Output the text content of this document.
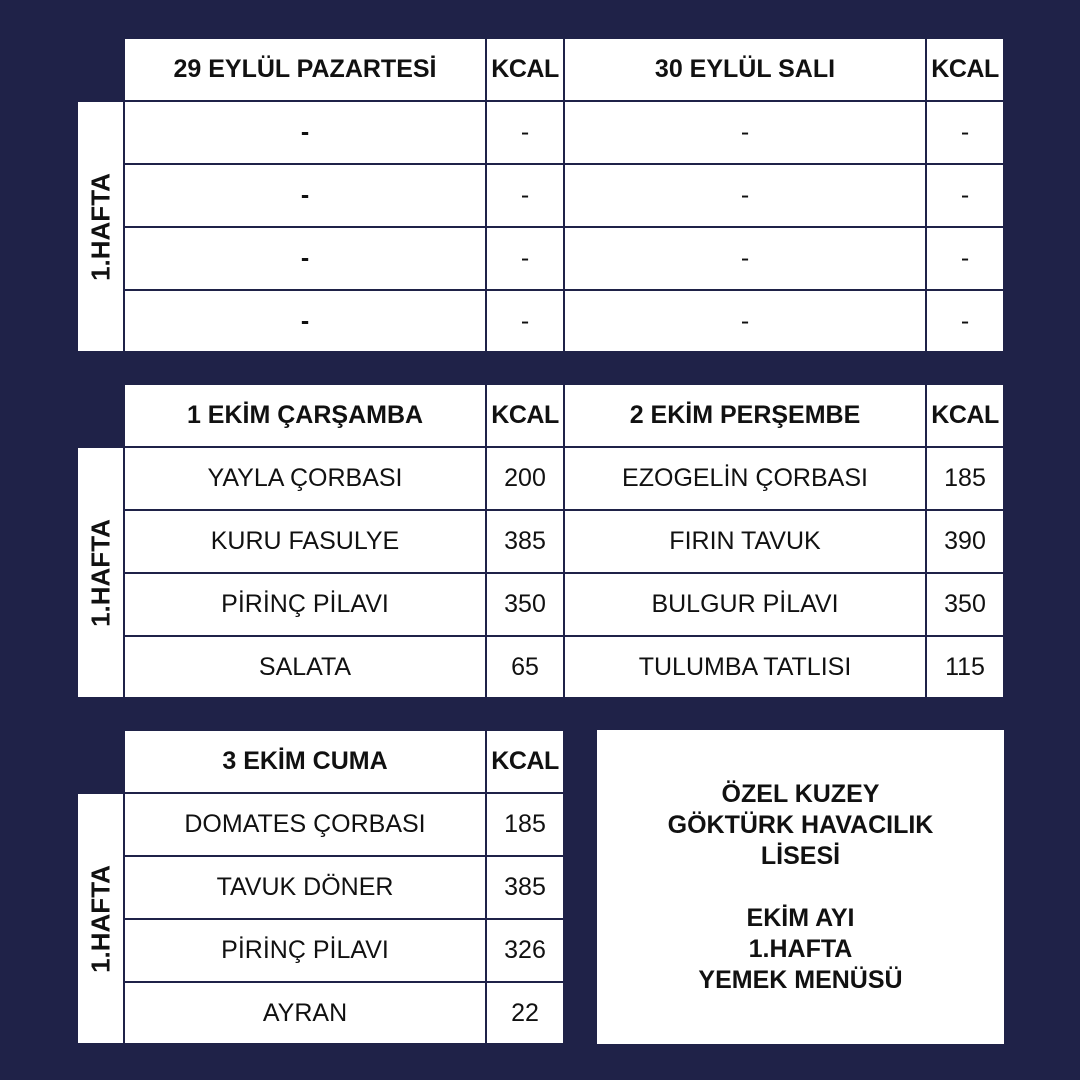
29 EYLÜL PAZARTESİ	KCAL	30 EYLÜL SALI	KCAL
1.HAFTA
-	-	-	-
-	-	-	-
-	-	-	-
-	-	-	-
1 EKİM ÇARŞAMBA	KCAL	2 EKİM PERŞEMBE	KCAL
1.HAFTA
YAYLA ÇORBASI	200	EZOGELİN ÇORBASI	185
KURU FASULYE	385	FIRIN TAVUK	390
PİRİNÇ PİLAVI	350	BULGUR PİLAVI	350
SALATA	65	TULUMBA TATLISI	115
3 EKİM CUMA	KCAL
1.HAFTA
DOMATES ÇORBASI	185
TAVUK DÖNER	385
PİRİNÇ PİLAVI	326
AYRAN	22
ÖZEL KUZEY
GÖKTÜRK HAVACILIK
LİSESİ
EKİM AYI
1.HAFTA
YEMEK MENÜSÜ
